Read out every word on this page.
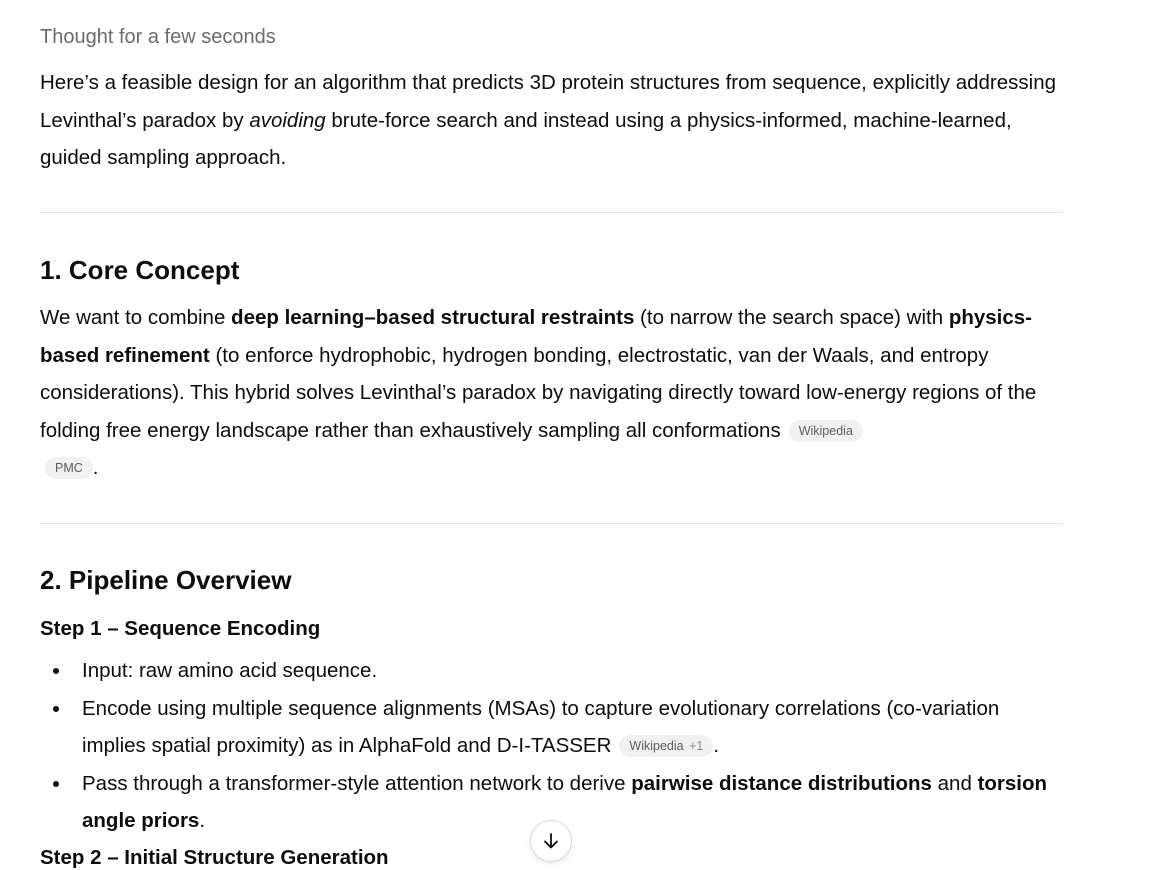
Thought for a few seconds

Here’s a feasible design for an algorithm that predicts 3D protein structures from sequence, explicitly addressing Levinthal’s paradox by avoiding brute-force search and instead using a physics-informed, machine-learned, guided sampling approach.

1. Core Concept

We want to combine deep learning–based structural restraints (to narrow the search space) with physics-based refinement (to enforce hydrophobic, hydrogen bonding, electrostatic, van der Waals, and entropy considerations). This hybrid solves Levinthal’s paradox by navigating directly toward low-energy regions of the folding free energy landscape rather than exhaustively sampling all conformations Wikipedia
PMC .

2. Pipeline Overview
Step 1 – Sequence Encoding
Input: raw amino acid sequence.
Encode using multiple sequence alignments (MSAs) to capture evolutionary correlations (co-variation implies spatial proximity) as in AlphaFold and D-I-TASSER Wikipedia +1 .
Pass through a transformer-style attention network to derive pairwise distance distributions and torsion angle priors.
Step 2 – Initial Structure Generation
